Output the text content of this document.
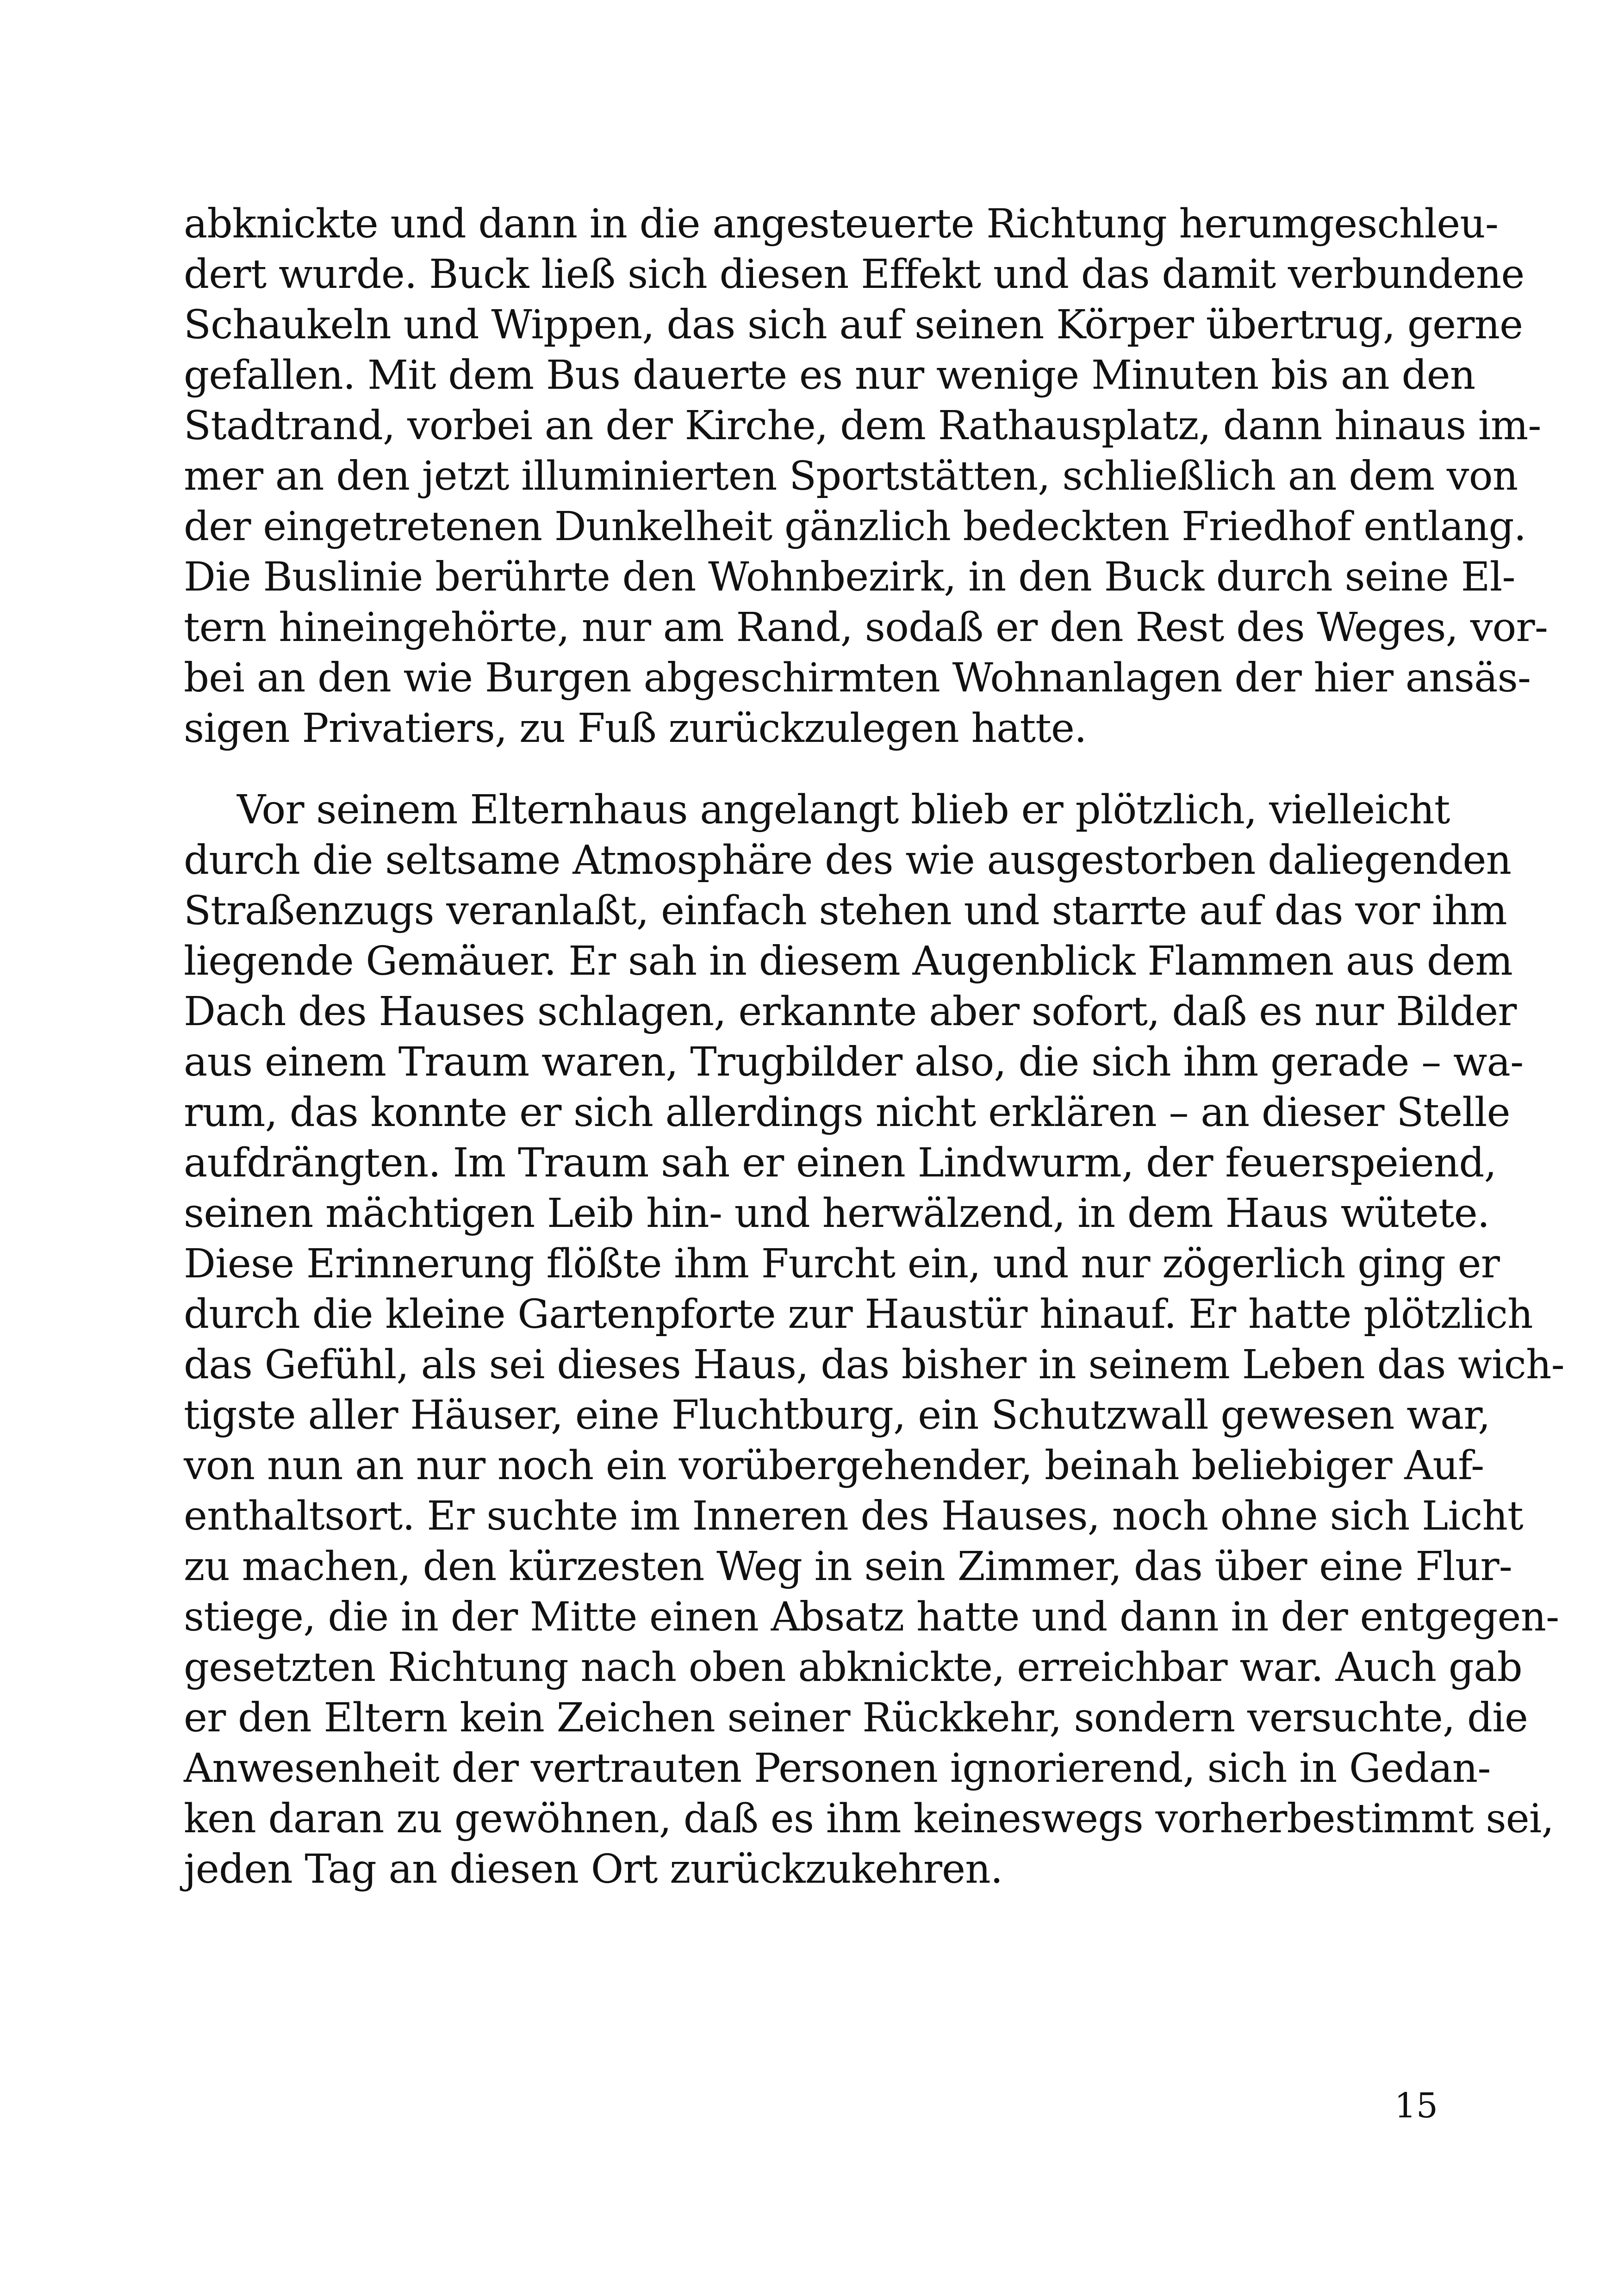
abknickte und dann in die angesteuerte Richtung herumgeschleu-
dert wurde. Buck ließ sich diesen Effekt und das damit verbundene
Schaukeln und Wippen, das sich auf seinen Körper übertrug, gerne
gefallen. Mit dem Bus dauerte es nur wenige Minuten bis an den
Stadtrand, vorbei an der Kirche, dem Rathausplatz, dann hinaus im-
mer an den jetzt illuminierten Sportstätten, schließlich an dem von
der eingetretenen Dunkelheit gänzlich bedeckten Friedhof entlang.
Die Buslinie berührte den Wohnbezirk, in den Buck durch seine El-
tern hineingehörte, nur am Rand, sodaß er den Rest des Weges, vor-
bei an den wie Burgen abgeschirmten Wohnanlagen der hier ansäs-
sigen Privatiers, zu Fuß zurückzulegen hatte.
Vor seinem Elternhaus angelangt blieb er plötzlich, vielleicht
durch die seltsame Atmosphäre des wie ausgestorben daliegenden
Straßenzugs veranlaßt, einfach stehen und starrte auf das vor ihm
liegende Gemäuer. Er sah in diesem Augenblick Flammen aus dem
Dach des Hauses schlagen, erkannte aber sofort, daß es nur Bilder
aus einem Traum waren, Trugbilder also, die sich ihm gerade – wa-
rum, das konnte er sich allerdings nicht erklären – an dieser Stelle
aufdrängten. Im Traum sah er einen Lindwurm, der feuerspeiend,
seinen mächtigen Leib hin- und herwälzend, in dem Haus wütete.
Diese Erinnerung flößte ihm Furcht ein, und nur zögerlich ging er
durch die kleine Gartenpforte zur Haustür hinauf. Er hatte plötzlich
das Gefühl, als sei dieses Haus, das bisher in seinem Leben das wich-
tigste aller Häuser, eine Fluchtburg, ein Schutzwall gewesen war,
von nun an nur noch ein vorübergehender, beinah beliebiger Auf-
enthaltsort. Er suchte im Inneren des Hauses, noch ohne sich Licht
zu machen, den kürzesten Weg in sein Zimmer, das über eine Flur-
stiege, die in der Mitte einen Absatz hatte und dann in der entgegen-
gesetzten Richtung nach oben abknickte, erreichbar war. Auch gab
er den Eltern kein Zeichen seiner Rückkehr, sondern versuchte, die
Anwesenheit der vertrauten Personen ignorierend, sich in Gedan-
ken daran zu gewöhnen, daß es ihm keineswegs vorherbestimmt sei,
jeden Tag an diesen Ort zurückzukehren.
15
